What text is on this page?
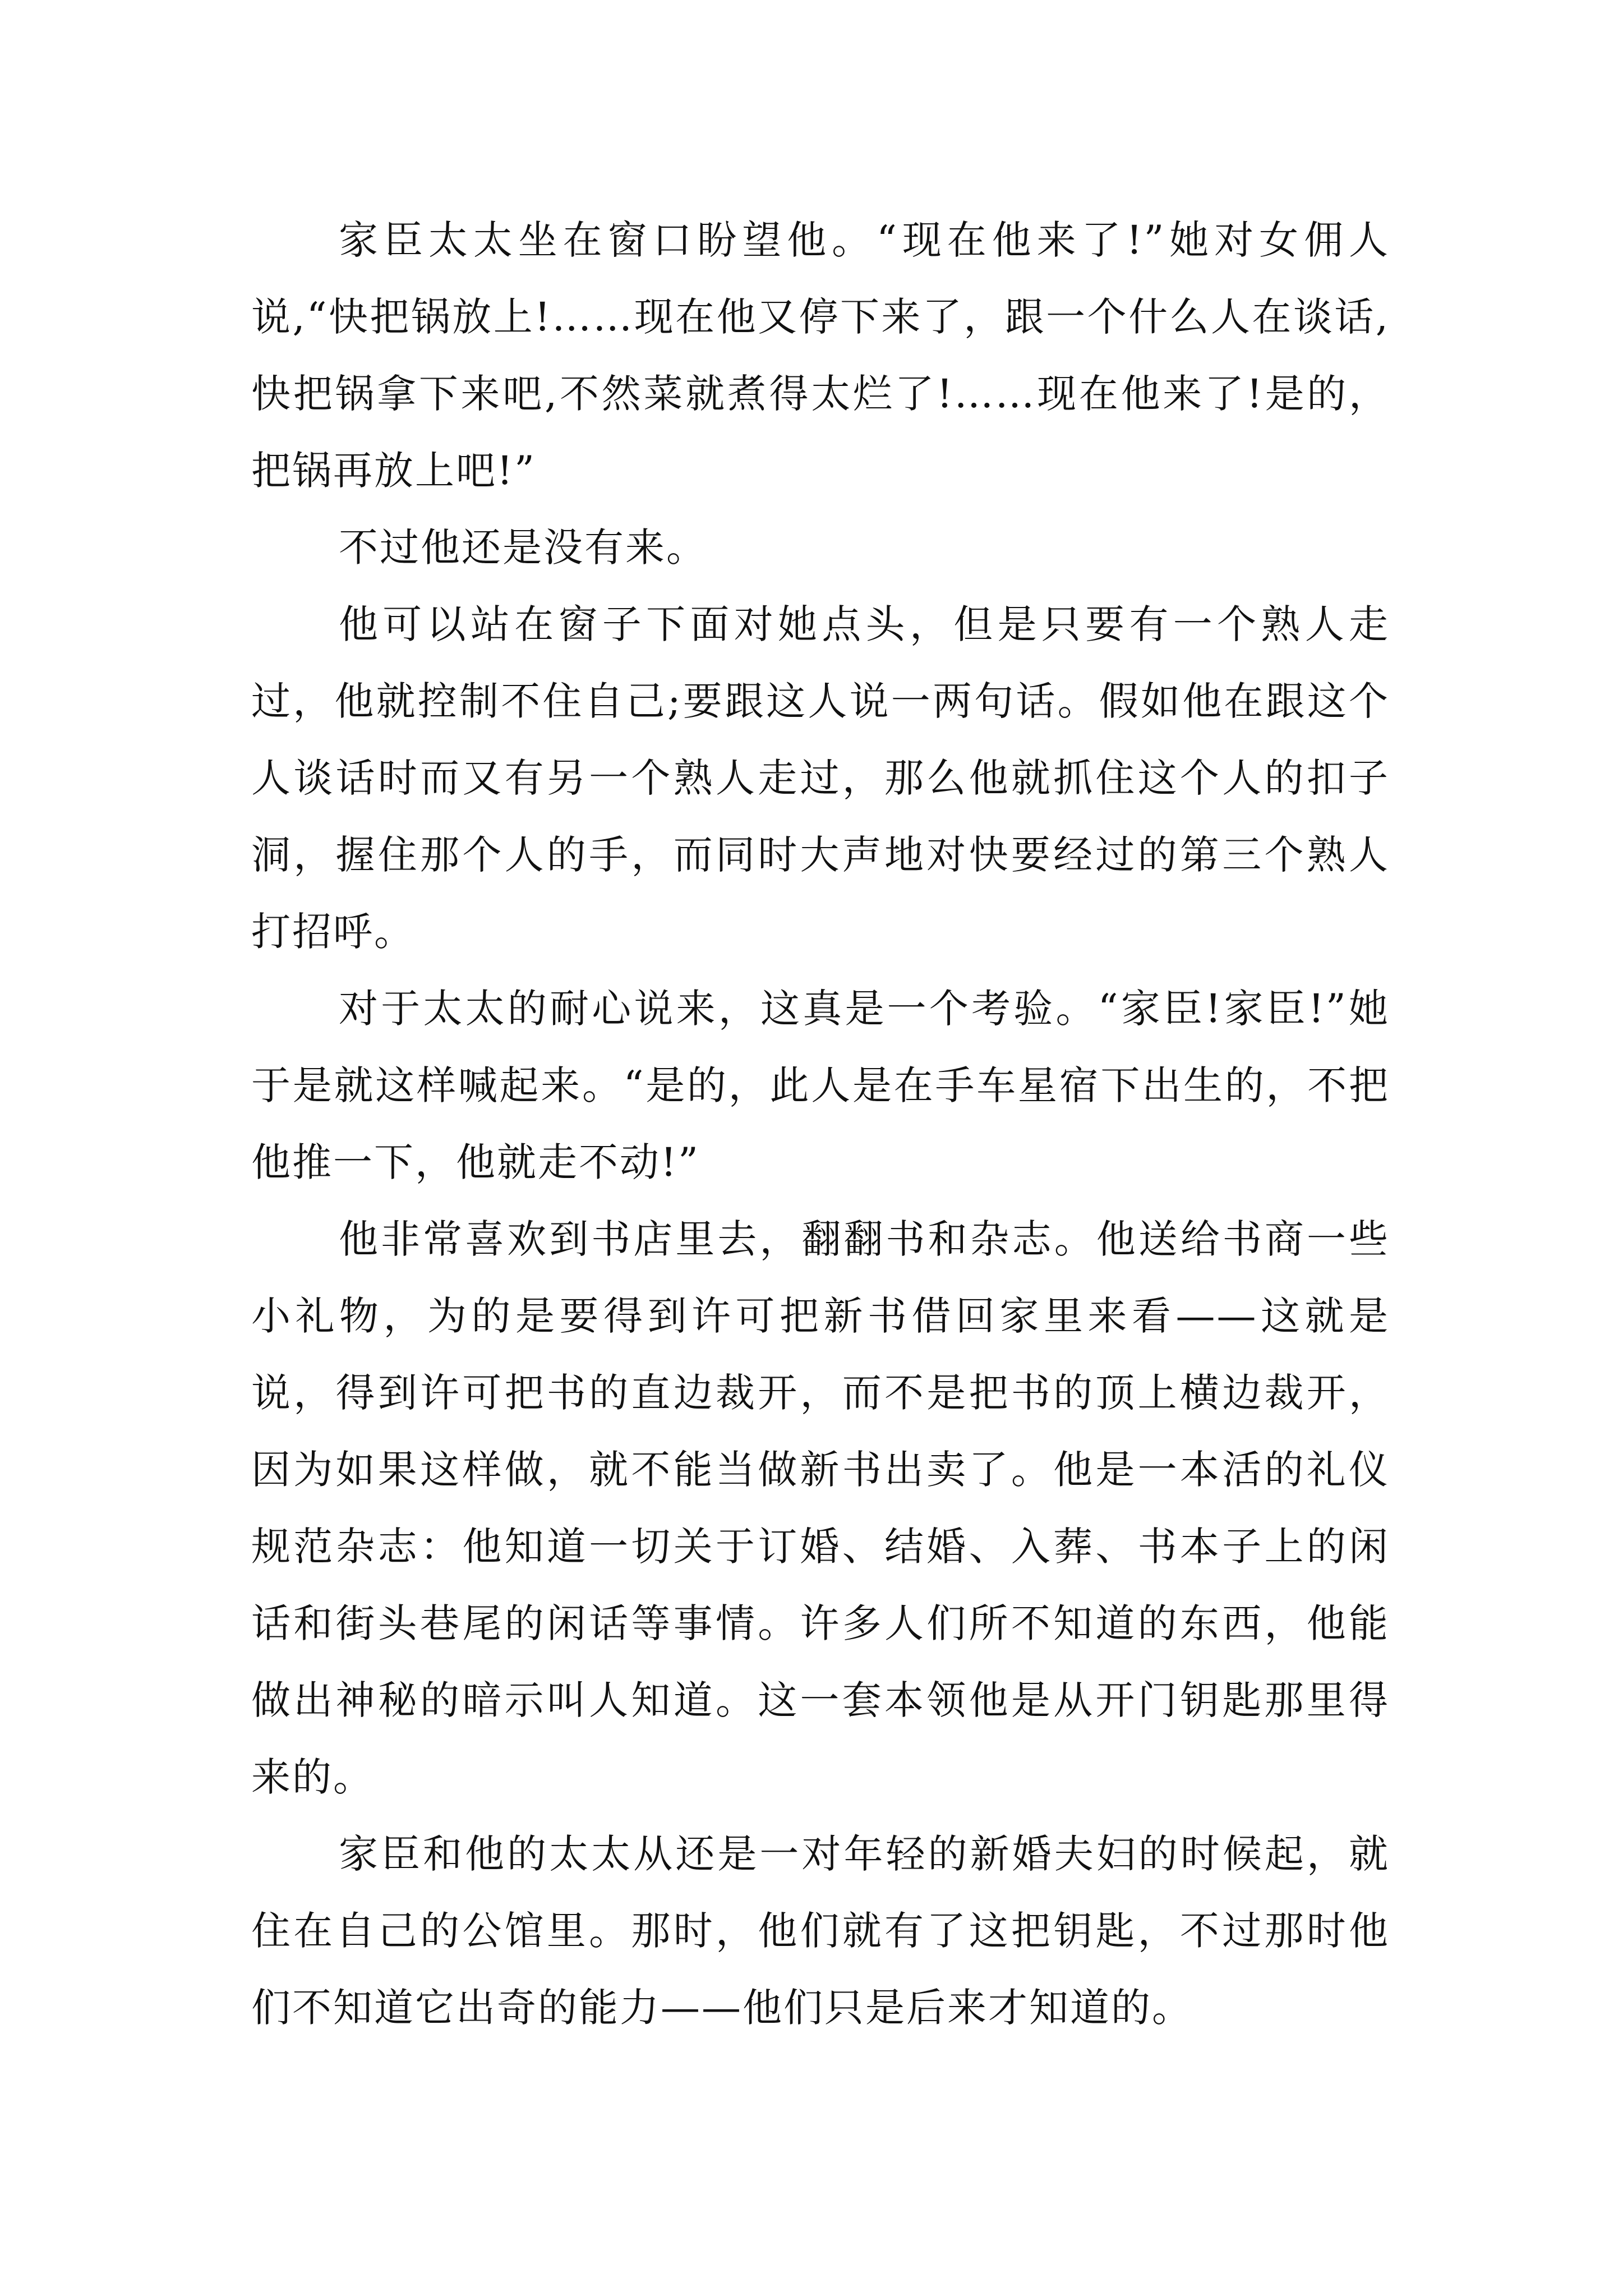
家臣太太坐在窗口盼望他。“现在他来了!”她对女佣人说,“快把锅放上!……现在他又停下来了，跟一个什么人在谈话,快把锅拿下来吧,不然菜就煮得太烂了!……现在他来了!是的，把锅再放上吧!”

不过他还是没有来。

他可以站在窗子下面对她点头，但是只要有一个熟人走过，他就控制不住自己;要跟这人说一两句话。假如他在跟这个人谈话时而又有另一个熟人走过，那么他就抓住这个人的扣子洞，握住那个人的手，而同时大声地对快要经过的第三个熟人打招呼。

对于太太的耐心说来，这真是一个考验。“家臣!家臣!”她于是就这样喊起来。“是的，此人是在手车星宿下出生的，不把他推一下，他就走不动!”

他非常喜欢到书店里去，翻翻书和杂志。他送给书商一些小礼物，为的是要得到许可把新书借回家里来看——这就是说，得到许可把书的直边裁开，而不是把书的顶上横边裁开，因为如果这样做，就不能当做新书出卖了。他是一本活的礼仪规范杂志：他知道一切关于订婚、结婚、入葬、书本子上的闲话和街头巷尾的闲话等事情。许多人们所不知道的东西，他能做出神秘的暗示叫人知道。这一套本领他是从开门钥匙那里得来的。

家臣和他的太太从还是一对年轻的新婚夫妇的时候起，就住在自己的公馆里。那时，他们就有了这把钥匙，不过那时他们不知道它出奇的能力——他们只是后来才知道的。
